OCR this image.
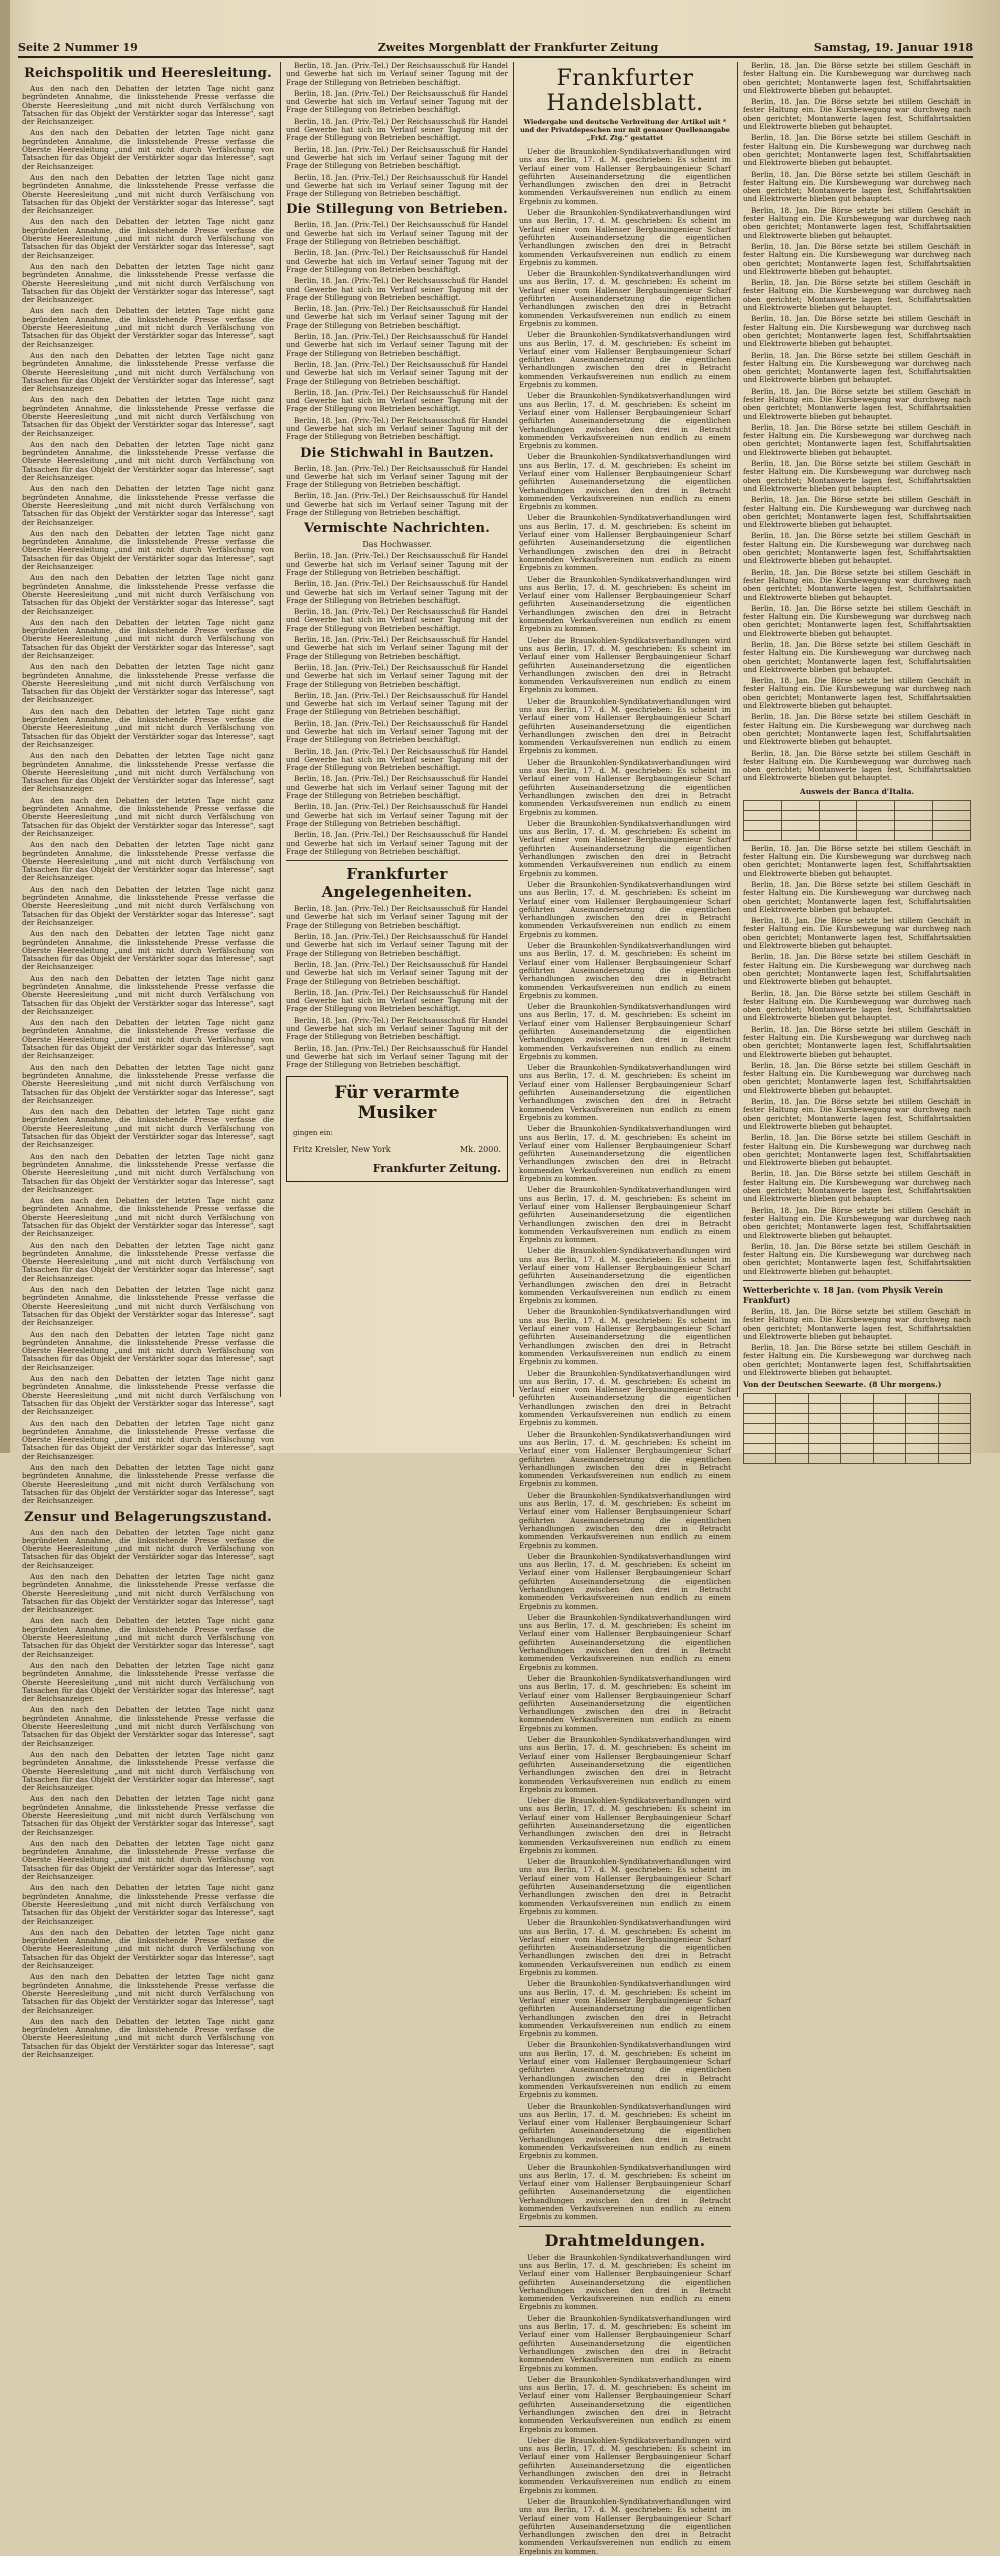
Seite 2 Nummer 19	Zweites Morgenblatt der Frankfurter Zeitung	Samstag, 19. Januar 1918
Reichspolitik und Heeresleitung.

Aus den nach den Debatten der letzten Tage nicht ganz begründeten Annahme, die linksstehende Presse verfasse die Oberste Heeresleitung „und mit nicht durch Verfälschung von Tatsachen für das Objekt der Verstärkter sogar das Interesse“, sagt der Reichsanzeiger.

Aus den nach den Debatten der letzten Tage nicht ganz begründeten Annahme, die linksstehende Presse verfasse die Oberste Heeresleitung „und mit nicht durch Verfälschung von Tatsachen für das Objekt der Verstärkter sogar das Interesse“, sagt der Reichsanzeiger.

Aus den nach den Debatten der letzten Tage nicht ganz begründeten Annahme, die linksstehende Presse verfasse die Oberste Heeresleitung „und mit nicht durch Verfälschung von Tatsachen für das Objekt der Verstärkter sogar das Interesse“, sagt der Reichsanzeiger.

Aus den nach den Debatten der letzten Tage nicht ganz begründeten Annahme, die linksstehende Presse verfasse die Oberste Heeresleitung „und mit nicht durch Verfälschung von Tatsachen für das Objekt der Verstärkter sogar das Interesse“, sagt der Reichsanzeiger.

Aus den nach den Debatten der letzten Tage nicht ganz begründeten Annahme, die linksstehende Presse verfasse die Oberste Heeresleitung „und mit nicht durch Verfälschung von Tatsachen für das Objekt der Verstärkter sogar das Interesse“, sagt der Reichsanzeiger.

Aus den nach den Debatten der letzten Tage nicht ganz begründeten Annahme, die linksstehende Presse verfasse die Oberste Heeresleitung „und mit nicht durch Verfälschung von Tatsachen für das Objekt der Verstärkter sogar das Interesse“, sagt der Reichsanzeiger.

Aus den nach den Debatten der letzten Tage nicht ganz begründeten Annahme, die linksstehende Presse verfasse die Oberste Heeresleitung „und mit nicht durch Verfälschung von Tatsachen für das Objekt der Verstärkter sogar das Interesse“, sagt der Reichsanzeiger.

Aus den nach den Debatten der letzten Tage nicht ganz begründeten Annahme, die linksstehende Presse verfasse die Oberste Heeresleitung „und mit nicht durch Verfälschung von Tatsachen für das Objekt der Verstärkter sogar das Interesse“, sagt der Reichsanzeiger.

Aus den nach den Debatten der letzten Tage nicht ganz begründeten Annahme, die linksstehende Presse verfasse die Oberste Heeresleitung „und mit nicht durch Verfälschung von Tatsachen für das Objekt der Verstärkter sogar das Interesse“, sagt der Reichsanzeiger.

Aus den nach den Debatten der letzten Tage nicht ganz begründeten Annahme, die linksstehende Presse verfasse die Oberste Heeresleitung „und mit nicht durch Verfälschung von Tatsachen für das Objekt der Verstärkter sogar das Interesse“, sagt der Reichsanzeiger.

Aus den nach den Debatten der letzten Tage nicht ganz begründeten Annahme, die linksstehende Presse verfasse die Oberste Heeresleitung „und mit nicht durch Verfälschung von Tatsachen für das Objekt der Verstärkter sogar das Interesse“, sagt der Reichsanzeiger.

Aus den nach den Debatten der letzten Tage nicht ganz begründeten Annahme, die linksstehende Presse verfasse die Oberste Heeresleitung „und mit nicht durch Verfälschung von Tatsachen für das Objekt der Verstärkter sogar das Interesse“, sagt der Reichsanzeiger.

Aus den nach den Debatten der letzten Tage nicht ganz begründeten Annahme, die linksstehende Presse verfasse die Oberste Heeresleitung „und mit nicht durch Verfälschung von Tatsachen für das Objekt der Verstärkter sogar das Interesse“, sagt der Reichsanzeiger.

Aus den nach den Debatten der letzten Tage nicht ganz begründeten Annahme, die linksstehende Presse verfasse die Oberste Heeresleitung „und mit nicht durch Verfälschung von Tatsachen für das Objekt der Verstärkter sogar das Interesse“, sagt der Reichsanzeiger.

Aus den nach den Debatten der letzten Tage nicht ganz begründeten Annahme, die linksstehende Presse verfasse die Oberste Heeresleitung „und mit nicht durch Verfälschung von Tatsachen für das Objekt der Verstärkter sogar das Interesse“, sagt der Reichsanzeiger.

Aus den nach den Debatten der letzten Tage nicht ganz begründeten Annahme, die linksstehende Presse verfasse die Oberste Heeresleitung „und mit nicht durch Verfälschung von Tatsachen für das Objekt der Verstärkter sogar das Interesse“, sagt der Reichsanzeiger.

Aus den nach den Debatten der letzten Tage nicht ganz begründeten Annahme, die linksstehende Presse verfasse die Oberste Heeresleitung „und mit nicht durch Verfälschung von Tatsachen für das Objekt der Verstärkter sogar das Interesse“, sagt der Reichsanzeiger.

Aus den nach den Debatten der letzten Tage nicht ganz begründeten Annahme, die linksstehende Presse verfasse die Oberste Heeresleitung „und mit nicht durch Verfälschung von Tatsachen für das Objekt der Verstärkter sogar das Interesse“, sagt der Reichsanzeiger.

Aus den nach den Debatten der letzten Tage nicht ganz begründeten Annahme, die linksstehende Presse verfasse die Oberste Heeresleitung „und mit nicht durch Verfälschung von Tatsachen für das Objekt der Verstärkter sogar das Interesse“, sagt der Reichsanzeiger.

Aus den nach den Debatten der letzten Tage nicht ganz begründeten Annahme, die linksstehende Presse verfasse die Oberste Heeresleitung „und mit nicht durch Verfälschung von Tatsachen für das Objekt der Verstärkter sogar das Interesse“, sagt der Reichsanzeiger.

Aus den nach den Debatten der letzten Tage nicht ganz begründeten Annahme, die linksstehende Presse verfasse die Oberste Heeresleitung „und mit nicht durch Verfälschung von Tatsachen für das Objekt der Verstärkter sogar das Interesse“, sagt der Reichsanzeiger.

Aus den nach den Debatten der letzten Tage nicht ganz begründeten Annahme, die linksstehende Presse verfasse die Oberste Heeresleitung „und mit nicht durch Verfälschung von Tatsachen für das Objekt der Verstärkter sogar das Interesse“, sagt der Reichsanzeiger.

Aus den nach den Debatten der letzten Tage nicht ganz begründeten Annahme, die linksstehende Presse verfasse die Oberste Heeresleitung „und mit nicht durch Verfälschung von Tatsachen für das Objekt der Verstärkter sogar das Interesse“, sagt der Reichsanzeiger.

Aus den nach den Debatten der letzten Tage nicht ganz begründeten Annahme, die linksstehende Presse verfasse die Oberste Heeresleitung „und mit nicht durch Verfälschung von Tatsachen für das Objekt der Verstärkter sogar das Interesse“, sagt der Reichsanzeiger.

Aus den nach den Debatten der letzten Tage nicht ganz begründeten Annahme, die linksstehende Presse verfasse die Oberste Heeresleitung „und mit nicht durch Verfälschung von Tatsachen für das Objekt der Verstärkter sogar das Interesse“, sagt der Reichsanzeiger.

Aus den nach den Debatten der letzten Tage nicht ganz begründeten Annahme, die linksstehende Presse verfasse die Oberste Heeresleitung „und mit nicht durch Verfälschung von Tatsachen für das Objekt der Verstärkter sogar das Interesse“, sagt der Reichsanzeiger.

Aus den nach den Debatten der letzten Tage nicht ganz begründeten Annahme, die linksstehende Presse verfasse die Oberste Heeresleitung „und mit nicht durch Verfälschung von Tatsachen für das Objekt der Verstärkter sogar das Interesse“, sagt der Reichsanzeiger.

Aus den nach den Debatten der letzten Tage nicht ganz begründeten Annahme, die linksstehende Presse verfasse die Oberste Heeresleitung „und mit nicht durch Verfälschung von Tatsachen für das Objekt der Verstärkter sogar das Interesse“, sagt der Reichsanzeiger.

Aus den nach den Debatten der letzten Tage nicht ganz begründeten Annahme, die linksstehende Presse verfasse die Oberste Heeresleitung „und mit nicht durch Verfälschung von Tatsachen für das Objekt der Verstärkter sogar das Interesse“, sagt der Reichsanzeiger.

Aus den nach den Debatten der letzten Tage nicht ganz begründeten Annahme, die linksstehende Presse verfasse die Oberste Heeresleitung „und mit nicht durch Verfälschung von Tatsachen für das Objekt der Verstärkter sogar das Interesse“, sagt der Reichsanzeiger.

Aus den nach den Debatten der letzten Tage nicht ganz begründeten Annahme, die linksstehende Presse verfasse die Oberste Heeresleitung „und mit nicht durch Verfälschung von Tatsachen für das Objekt der Verstärkter sogar das Interesse“, sagt der Reichsanzeiger.

Aus den nach den Debatten der letzten Tage nicht ganz begründeten Annahme, die linksstehende Presse verfasse die Oberste Heeresleitung „und mit nicht durch Verfälschung von Tatsachen für das Objekt der Verstärkter sogar das Interesse“, sagt der Reichsanzeiger.

Zensur und Belagerungszustand.

Aus den nach den Debatten der letzten Tage nicht ganz begründeten Annahme, die linksstehende Presse verfasse die Oberste Heeresleitung „und mit nicht durch Verfälschung von Tatsachen für das Objekt der Verstärkter sogar das Interesse“, sagt der Reichsanzeiger.

Aus den nach den Debatten der letzten Tage nicht ganz begründeten Annahme, die linksstehende Presse verfasse die Oberste Heeresleitung „und mit nicht durch Verfälschung von Tatsachen für das Objekt der Verstärkter sogar das Interesse“, sagt der Reichsanzeiger.

Aus den nach den Debatten der letzten Tage nicht ganz begründeten Annahme, die linksstehende Presse verfasse die Oberste Heeresleitung „und mit nicht durch Verfälschung von Tatsachen für das Objekt der Verstärkter sogar das Interesse“, sagt der Reichsanzeiger.

Aus den nach den Debatten der letzten Tage nicht ganz begründeten Annahme, die linksstehende Presse verfasse die Oberste Heeresleitung „und mit nicht durch Verfälschung von Tatsachen für das Objekt der Verstärkter sogar das Interesse“, sagt der Reichsanzeiger.

Aus den nach den Debatten der letzten Tage nicht ganz begründeten Annahme, die linksstehende Presse verfasse die Oberste Heeresleitung „und mit nicht durch Verfälschung von Tatsachen für das Objekt der Verstärkter sogar das Interesse“, sagt der Reichsanzeiger.

Aus den nach den Debatten der letzten Tage nicht ganz begründeten Annahme, die linksstehende Presse verfasse die Oberste Heeresleitung „und mit nicht durch Verfälschung von Tatsachen für das Objekt der Verstärkter sogar das Interesse“, sagt der Reichsanzeiger.

Aus den nach den Debatten der letzten Tage nicht ganz begründeten Annahme, die linksstehende Presse verfasse die Oberste Heeresleitung „und mit nicht durch Verfälschung von Tatsachen für das Objekt der Verstärkter sogar das Interesse“, sagt der Reichsanzeiger.

Aus den nach den Debatten der letzten Tage nicht ganz begründeten Annahme, die linksstehende Presse verfasse die Oberste Heeresleitung „und mit nicht durch Verfälschung von Tatsachen für das Objekt der Verstärkter sogar das Interesse“, sagt der Reichsanzeiger.

Aus den nach den Debatten der letzten Tage nicht ganz begründeten Annahme, die linksstehende Presse verfasse die Oberste Heeresleitung „und mit nicht durch Verfälschung von Tatsachen für das Objekt der Verstärkter sogar das Interesse“, sagt der Reichsanzeiger.

Aus den nach den Debatten der letzten Tage nicht ganz begründeten Annahme, die linksstehende Presse verfasse die Oberste Heeresleitung „und mit nicht durch Verfälschung von Tatsachen für das Objekt der Verstärkter sogar das Interesse“, sagt der Reichsanzeiger.

Aus den nach den Debatten der letzten Tage nicht ganz begründeten Annahme, die linksstehende Presse verfasse die Oberste Heeresleitung „und mit nicht durch Verfälschung von Tatsachen für das Objekt der Verstärkter sogar das Interesse“, sagt der Reichsanzeiger.

Aus den nach den Debatten der letzten Tage nicht ganz begründeten Annahme, die linksstehende Presse verfasse die Oberste Heeresleitung „und mit nicht durch Verfälschung von Tatsachen für das Objekt der Verstärkter sogar das Interesse“, sagt der Reichsanzeiger.

Berlin, 18. Jan. (Priv.-Tel.) Der Reichsausschuß für Handel und Gewerbe hat sich im Verlauf seiner Tagung mit der Frage der Stillegung von Betrieben beschäftigt.

Berlin, 18. Jan. (Priv.-Tel.) Der Reichsausschuß für Handel und Gewerbe hat sich im Verlauf seiner Tagung mit der Frage der Stillegung von Betrieben beschäftigt.

Berlin, 18. Jan. (Priv.-Tel.) Der Reichsausschuß für Handel und Gewerbe hat sich im Verlauf seiner Tagung mit der Frage der Stillegung von Betrieben beschäftigt.

Berlin, 18. Jan. (Priv.-Tel.) Der Reichsausschuß für Handel und Gewerbe hat sich im Verlauf seiner Tagung mit der Frage der Stillegung von Betrieben beschäftigt.

Berlin, 18. Jan. (Priv.-Tel.) Der Reichsausschuß für Handel und Gewerbe hat sich im Verlauf seiner Tagung mit der Frage der Stillegung von Betrieben beschäftigt.

Die Stillegung von Betrieben.

Berlin, 18. Jan. (Priv.-Tel.) Der Reichsausschuß für Handel und Gewerbe hat sich im Verlauf seiner Tagung mit der Frage der Stillegung von Betrieben beschäftigt.

Berlin, 18. Jan. (Priv.-Tel.) Der Reichsausschuß für Handel und Gewerbe hat sich im Verlauf seiner Tagung mit der Frage der Stillegung von Betrieben beschäftigt.

Berlin, 18. Jan. (Priv.-Tel.) Der Reichsausschuß für Handel und Gewerbe hat sich im Verlauf seiner Tagung mit der Frage der Stillegung von Betrieben beschäftigt.

Berlin, 18. Jan. (Priv.-Tel.) Der Reichsausschuß für Handel und Gewerbe hat sich im Verlauf seiner Tagung mit der Frage der Stillegung von Betrieben beschäftigt.

Berlin, 18. Jan. (Priv.-Tel.) Der Reichsausschuß für Handel und Gewerbe hat sich im Verlauf seiner Tagung mit der Frage der Stillegung von Betrieben beschäftigt.

Berlin, 18. Jan. (Priv.-Tel.) Der Reichsausschuß für Handel und Gewerbe hat sich im Verlauf seiner Tagung mit der Frage der Stillegung von Betrieben beschäftigt.

Berlin, 18. Jan. (Priv.-Tel.) Der Reichsausschuß für Handel und Gewerbe hat sich im Verlauf seiner Tagung mit der Frage der Stillegung von Betrieben beschäftigt.

Berlin, 18. Jan. (Priv.-Tel.) Der Reichsausschuß für Handel und Gewerbe hat sich im Verlauf seiner Tagung mit der Frage der Stillegung von Betrieben beschäftigt.

Die Stichwahl in Bautzen.

Berlin, 18. Jan. (Priv.-Tel.) Der Reichsausschuß für Handel und Gewerbe hat sich im Verlauf seiner Tagung mit der Frage der Stillegung von Betrieben beschäftigt.

Berlin, 18. Jan. (Priv.-Tel.) Der Reichsausschuß für Handel und Gewerbe hat sich im Verlauf seiner Tagung mit der Frage der Stillegung von Betrieben beschäftigt.

Vermischte Nachrichten.
Das Hochwasser.

Berlin, 18. Jan. (Priv.-Tel.) Der Reichsausschuß für Handel und Gewerbe hat sich im Verlauf seiner Tagung mit der Frage der Stillegung von Betrieben beschäftigt.

Berlin, 18. Jan. (Priv.-Tel.) Der Reichsausschuß für Handel und Gewerbe hat sich im Verlauf seiner Tagung mit der Frage der Stillegung von Betrieben beschäftigt.

Berlin, 18. Jan. (Priv.-Tel.) Der Reichsausschuß für Handel und Gewerbe hat sich im Verlauf seiner Tagung mit der Frage der Stillegung von Betrieben beschäftigt.

Berlin, 18. Jan. (Priv.-Tel.) Der Reichsausschuß für Handel und Gewerbe hat sich im Verlauf seiner Tagung mit der Frage der Stillegung von Betrieben beschäftigt.

Berlin, 18. Jan. (Priv.-Tel.) Der Reichsausschuß für Handel und Gewerbe hat sich im Verlauf seiner Tagung mit der Frage der Stillegung von Betrieben beschäftigt.

Berlin, 18. Jan. (Priv.-Tel.) Der Reichsausschuß für Handel und Gewerbe hat sich im Verlauf seiner Tagung mit der Frage der Stillegung von Betrieben beschäftigt.

Berlin, 18. Jan. (Priv.-Tel.) Der Reichsausschuß für Handel und Gewerbe hat sich im Verlauf seiner Tagung mit der Frage der Stillegung von Betrieben beschäftigt.

Berlin, 18. Jan. (Priv.-Tel.) Der Reichsausschuß für Handel und Gewerbe hat sich im Verlauf seiner Tagung mit der Frage der Stillegung von Betrieben beschäftigt.

Berlin, 18. Jan. (Priv.-Tel.) Der Reichsausschuß für Handel und Gewerbe hat sich im Verlauf seiner Tagung mit der Frage der Stillegung von Betrieben beschäftigt.

Berlin, 18. Jan. (Priv.-Tel.) Der Reichsausschuß für Handel und Gewerbe hat sich im Verlauf seiner Tagung mit der Frage der Stillegung von Betrieben beschäftigt.

Berlin, 18. Jan. (Priv.-Tel.) Der Reichsausschuß für Handel und Gewerbe hat sich im Verlauf seiner Tagung mit der Frage der Stillegung von Betrieben beschäftigt.

Frankfurter Angelegenheiten.

Berlin, 18. Jan. (Priv.-Tel.) Der Reichsausschuß für Handel und Gewerbe hat sich im Verlauf seiner Tagung mit der Frage der Stillegung von Betrieben beschäftigt.

Berlin, 18. Jan. (Priv.-Tel.) Der Reichsausschuß für Handel und Gewerbe hat sich im Verlauf seiner Tagung mit der Frage der Stillegung von Betrieben beschäftigt.

Berlin, 18. Jan. (Priv.-Tel.) Der Reichsausschuß für Handel und Gewerbe hat sich im Verlauf seiner Tagung mit der Frage der Stillegung von Betrieben beschäftigt.

Berlin, 18. Jan. (Priv.-Tel.) Der Reichsausschuß für Handel und Gewerbe hat sich im Verlauf seiner Tagung mit der Frage der Stillegung von Betrieben beschäftigt.

Berlin, 18. Jan. (Priv.-Tel.) Der Reichsausschuß für Handel und Gewerbe hat sich im Verlauf seiner Tagung mit der Frage der Stillegung von Betrieben beschäftigt.

Berlin, 18. Jan. (Priv.-Tel.) Der Reichsausschuß für Handel und Gewerbe hat sich im Verlauf seiner Tagung mit der Frage der Stillegung von Betrieben beschäftigt.

Für verarmte Musiker
gingen ein:
Fritz Kreisler, New York	Mk. 2000.
Frankfurter Zeitung.
Frankfurter Handelsblatt.
Wiedergabe und deutsche Verbreitung der Artikel mit * und der Privatdepeschen nur mit genauer Quellenangabe „Frkf. Ztg.“ gestattet

Ueber die Braunkohlen-Syndikatsverhandlungen wird uns aus Berlin, 17. d. M. geschrieben: Es scheint im Verlauf einer vom Hallenser Bergbauingenieur Scharf geführten Auseinandersetzung die eigentlichen Verhandlungen zwischen den drei in Betracht kommenden Verkaufsvereinen nun endlich zu einem Ergebnis zu kommen.

Ueber die Braunkohlen-Syndikatsverhandlungen wird uns aus Berlin, 17. d. M. geschrieben: Es scheint im Verlauf einer vom Hallenser Bergbauingenieur Scharf geführten Auseinandersetzung die eigentlichen Verhandlungen zwischen den drei in Betracht kommenden Verkaufsvereinen nun endlich zu einem Ergebnis zu kommen.

Ueber die Braunkohlen-Syndikatsverhandlungen wird uns aus Berlin, 17. d. M. geschrieben: Es scheint im Verlauf einer vom Hallenser Bergbauingenieur Scharf geführten Auseinandersetzung die eigentlichen Verhandlungen zwischen den drei in Betracht kommenden Verkaufsvereinen nun endlich zu einem Ergebnis zu kommen.

Ueber die Braunkohlen-Syndikatsverhandlungen wird uns aus Berlin, 17. d. M. geschrieben: Es scheint im Verlauf einer vom Hallenser Bergbauingenieur Scharf geführten Auseinandersetzung die eigentlichen Verhandlungen zwischen den drei in Betracht kommenden Verkaufsvereinen nun endlich zu einem Ergebnis zu kommen.

Ueber die Braunkohlen-Syndikatsverhandlungen wird uns aus Berlin, 17. d. M. geschrieben: Es scheint im Verlauf einer vom Hallenser Bergbauingenieur Scharf geführten Auseinandersetzung die eigentlichen Verhandlungen zwischen den drei in Betracht kommenden Verkaufsvereinen nun endlich zu einem Ergebnis zu kommen.

Ueber die Braunkohlen-Syndikatsverhandlungen wird uns aus Berlin, 17. d. M. geschrieben: Es scheint im Verlauf einer vom Hallenser Bergbauingenieur Scharf geführten Auseinandersetzung die eigentlichen Verhandlungen zwischen den drei in Betracht kommenden Verkaufsvereinen nun endlich zu einem Ergebnis zu kommen.

Ueber die Braunkohlen-Syndikatsverhandlungen wird uns aus Berlin, 17. d. M. geschrieben: Es scheint im Verlauf einer vom Hallenser Bergbauingenieur Scharf geführten Auseinandersetzung die eigentlichen Verhandlungen zwischen den drei in Betracht kommenden Verkaufsvereinen nun endlich zu einem Ergebnis zu kommen.

Ueber die Braunkohlen-Syndikatsverhandlungen wird uns aus Berlin, 17. d. M. geschrieben: Es scheint im Verlauf einer vom Hallenser Bergbauingenieur Scharf geführten Auseinandersetzung die eigentlichen Verhandlungen zwischen den drei in Betracht kommenden Verkaufsvereinen nun endlich zu einem Ergebnis zu kommen.

Ueber die Braunkohlen-Syndikatsverhandlungen wird uns aus Berlin, 17. d. M. geschrieben: Es scheint im Verlauf einer vom Hallenser Bergbauingenieur Scharf geführten Auseinandersetzung die eigentlichen Verhandlungen zwischen den drei in Betracht kommenden Verkaufsvereinen nun endlich zu einem Ergebnis zu kommen.

Ueber die Braunkohlen-Syndikatsverhandlungen wird uns aus Berlin, 17. d. M. geschrieben: Es scheint im Verlauf einer vom Hallenser Bergbauingenieur Scharf geführten Auseinandersetzung die eigentlichen Verhandlungen zwischen den drei in Betracht kommenden Verkaufsvereinen nun endlich zu einem Ergebnis zu kommen.

Ueber die Braunkohlen-Syndikatsverhandlungen wird uns aus Berlin, 17. d. M. geschrieben: Es scheint im Verlauf einer vom Hallenser Bergbauingenieur Scharf geführten Auseinandersetzung die eigentlichen Verhandlungen zwischen den drei in Betracht kommenden Verkaufsvereinen nun endlich zu einem Ergebnis zu kommen.

Ueber die Braunkohlen-Syndikatsverhandlungen wird uns aus Berlin, 17. d. M. geschrieben: Es scheint im Verlauf einer vom Hallenser Bergbauingenieur Scharf geführten Auseinandersetzung die eigentlichen Verhandlungen zwischen den drei in Betracht kommenden Verkaufsvereinen nun endlich zu einem Ergebnis zu kommen.

Ueber die Braunkohlen-Syndikatsverhandlungen wird uns aus Berlin, 17. d. M. geschrieben: Es scheint im Verlauf einer vom Hallenser Bergbauingenieur Scharf geführten Auseinandersetzung die eigentlichen Verhandlungen zwischen den drei in Betracht kommenden Verkaufsvereinen nun endlich zu einem Ergebnis zu kommen.

Ueber die Braunkohlen-Syndikatsverhandlungen wird uns aus Berlin, 17. d. M. geschrieben: Es scheint im Verlauf einer vom Hallenser Bergbauingenieur Scharf geführten Auseinandersetzung die eigentlichen Verhandlungen zwischen den drei in Betracht kommenden Verkaufsvereinen nun endlich zu einem Ergebnis zu kommen.

Ueber die Braunkohlen-Syndikatsverhandlungen wird uns aus Berlin, 17. d. M. geschrieben: Es scheint im Verlauf einer vom Hallenser Bergbauingenieur Scharf geführten Auseinandersetzung die eigentlichen Verhandlungen zwischen den drei in Betracht kommenden Verkaufsvereinen nun endlich zu einem Ergebnis zu kommen.

Ueber die Braunkohlen-Syndikatsverhandlungen wird uns aus Berlin, 17. d. M. geschrieben: Es scheint im Verlauf einer vom Hallenser Bergbauingenieur Scharf geführten Auseinandersetzung die eigentlichen Verhandlungen zwischen den drei in Betracht kommenden Verkaufsvereinen nun endlich zu einem Ergebnis zu kommen.

Ueber die Braunkohlen-Syndikatsverhandlungen wird uns aus Berlin, 17. d. M. geschrieben: Es scheint im Verlauf einer vom Hallenser Bergbauingenieur Scharf geführten Auseinandersetzung die eigentlichen Verhandlungen zwischen den drei in Betracht kommenden Verkaufsvereinen nun endlich zu einem Ergebnis zu kommen.

Ueber die Braunkohlen-Syndikatsverhandlungen wird uns aus Berlin, 17. d. M. geschrieben: Es scheint im Verlauf einer vom Hallenser Bergbauingenieur Scharf geführten Auseinandersetzung die eigentlichen Verhandlungen zwischen den drei in Betracht kommenden Verkaufsvereinen nun endlich zu einem Ergebnis zu kommen.

Ueber die Braunkohlen-Syndikatsverhandlungen wird uns aus Berlin, 17. d. M. geschrieben: Es scheint im Verlauf einer vom Hallenser Bergbauingenieur Scharf geführten Auseinandersetzung die eigentlichen Verhandlungen zwischen den drei in Betracht kommenden Verkaufsvereinen nun endlich zu einem Ergebnis zu kommen.

Ueber die Braunkohlen-Syndikatsverhandlungen wird uns aus Berlin, 17. d. M. geschrieben: Es scheint im Verlauf einer vom Hallenser Bergbauingenieur Scharf geführten Auseinandersetzung die eigentlichen Verhandlungen zwischen den drei in Betracht kommenden Verkaufsvereinen nun endlich zu einem Ergebnis zu kommen.

Ueber die Braunkohlen-Syndikatsverhandlungen wird uns aus Berlin, 17. d. M. geschrieben: Es scheint im Verlauf einer vom Hallenser Bergbauingenieur Scharf geführten Auseinandersetzung die eigentlichen Verhandlungen zwischen den drei in Betracht kommenden Verkaufsvereinen nun endlich zu einem Ergebnis zu kommen.

Ueber die Braunkohlen-Syndikatsverhandlungen wird uns aus Berlin, 17. d. M. geschrieben: Es scheint im Verlauf einer vom Hallenser Bergbauingenieur Scharf geführten Auseinandersetzung die eigentlichen Verhandlungen zwischen den drei in Betracht kommenden Verkaufsvereinen nun endlich zu einem Ergebnis zu kommen.

Ueber die Braunkohlen-Syndikatsverhandlungen wird uns aus Berlin, 17. d. M. geschrieben: Es scheint im Verlauf einer vom Hallenser Bergbauingenieur Scharf geführten Auseinandersetzung die eigentlichen Verhandlungen zwischen den drei in Betracht kommenden Verkaufsvereinen nun endlich zu einem Ergebnis zu kommen.

Ueber die Braunkohlen-Syndikatsverhandlungen wird uns aus Berlin, 17. d. M. geschrieben: Es scheint im Verlauf einer vom Hallenser Bergbauingenieur Scharf geführten Auseinandersetzung die eigentlichen Verhandlungen zwischen den drei in Betracht kommenden Verkaufsvereinen nun endlich zu einem Ergebnis zu kommen.

Ueber die Braunkohlen-Syndikatsverhandlungen wird uns aus Berlin, 17. d. M. geschrieben: Es scheint im Verlauf einer vom Hallenser Bergbauingenieur Scharf geführten Auseinandersetzung die eigentlichen Verhandlungen zwischen den drei in Betracht kommenden Verkaufsvereinen nun endlich zu einem Ergebnis zu kommen.

Ueber die Braunkohlen-Syndikatsverhandlungen wird uns aus Berlin, 17. d. M. geschrieben: Es scheint im Verlauf einer vom Hallenser Bergbauingenieur Scharf geführten Auseinandersetzung die eigentlichen Verhandlungen zwischen den drei in Betracht kommenden Verkaufsvereinen nun endlich zu einem Ergebnis zu kommen.

Ueber die Braunkohlen-Syndikatsverhandlungen wird uns aus Berlin, 17. d. M. geschrieben: Es scheint im Verlauf einer vom Hallenser Bergbauingenieur Scharf geführten Auseinandersetzung die eigentlichen Verhandlungen zwischen den drei in Betracht kommenden Verkaufsvereinen nun endlich zu einem Ergebnis zu kommen.

Ueber die Braunkohlen-Syndikatsverhandlungen wird uns aus Berlin, 17. d. M. geschrieben: Es scheint im Verlauf einer vom Hallenser Bergbauingenieur Scharf geführten Auseinandersetzung die eigentlichen Verhandlungen zwischen den drei in Betracht kommenden Verkaufsvereinen nun endlich zu einem Ergebnis zu kommen.

Ueber die Braunkohlen-Syndikatsverhandlungen wird uns aus Berlin, 17. d. M. geschrieben: Es scheint im Verlauf einer vom Hallenser Bergbauingenieur Scharf geführten Auseinandersetzung die eigentlichen Verhandlungen zwischen den drei in Betracht kommenden Verkaufsvereinen nun endlich zu einem Ergebnis zu kommen.

Ueber die Braunkohlen-Syndikatsverhandlungen wird uns aus Berlin, 17. d. M. geschrieben: Es scheint im Verlauf einer vom Hallenser Bergbauingenieur Scharf geführten Auseinandersetzung die eigentlichen Verhandlungen zwischen den drei in Betracht kommenden Verkaufsvereinen nun endlich zu einem Ergebnis zu kommen.

Ueber die Braunkohlen-Syndikatsverhandlungen wird uns aus Berlin, 17. d. M. geschrieben: Es scheint im Verlauf einer vom Hallenser Bergbauingenieur Scharf geführten Auseinandersetzung die eigentlichen Verhandlungen zwischen den drei in Betracht kommenden Verkaufsvereinen nun endlich zu einem Ergebnis zu kommen.

Ueber die Braunkohlen-Syndikatsverhandlungen wird uns aus Berlin, 17. d. M. geschrieben: Es scheint im Verlauf einer vom Hallenser Bergbauingenieur Scharf geführten Auseinandersetzung die eigentlichen Verhandlungen zwischen den drei in Betracht kommenden Verkaufsvereinen nun endlich zu einem Ergebnis zu kommen.

Ueber die Braunkohlen-Syndikatsverhandlungen wird uns aus Berlin, 17. d. M. geschrieben: Es scheint im Verlauf einer vom Hallenser Bergbauingenieur Scharf geführten Auseinandersetzung die eigentlichen Verhandlungen zwischen den drei in Betracht kommenden Verkaufsvereinen nun endlich zu einem Ergebnis zu kommen.

Ueber die Braunkohlen-Syndikatsverhandlungen wird uns aus Berlin, 17. d. M. geschrieben: Es scheint im Verlauf einer vom Hallenser Bergbauingenieur Scharf geführten Auseinandersetzung die eigentlichen Verhandlungen zwischen den drei in Betracht kommenden Verkaufsvereinen nun endlich zu einem Ergebnis zu kommen.

Drahtmeldungen.

Ueber die Braunkohlen-Syndikatsverhandlungen wird uns aus Berlin, 17. d. M. geschrieben: Es scheint im Verlauf einer vom Hallenser Bergbauingenieur Scharf geführten Auseinandersetzung die eigentlichen Verhandlungen zwischen den drei in Betracht kommenden Verkaufsvereinen nun endlich zu einem Ergebnis zu kommen.

Ueber die Braunkohlen-Syndikatsverhandlungen wird uns aus Berlin, 17. d. M. geschrieben: Es scheint im Verlauf einer vom Hallenser Bergbauingenieur Scharf geführten Auseinandersetzung die eigentlichen Verhandlungen zwischen den drei in Betracht kommenden Verkaufsvereinen nun endlich zu einem Ergebnis zu kommen.

Ueber die Braunkohlen-Syndikatsverhandlungen wird uns aus Berlin, 17. d. M. geschrieben: Es scheint im Verlauf einer vom Hallenser Bergbauingenieur Scharf geführten Auseinandersetzung die eigentlichen Verhandlungen zwischen den drei in Betracht kommenden Verkaufsvereinen nun endlich zu einem Ergebnis zu kommen.

Ueber die Braunkohlen-Syndikatsverhandlungen wird uns aus Berlin, 17. d. M. geschrieben: Es scheint im Verlauf einer vom Hallenser Bergbauingenieur Scharf geführten Auseinandersetzung die eigentlichen Verhandlungen zwischen den drei in Betracht kommenden Verkaufsvereinen nun endlich zu einem Ergebnis zu kommen.

Ueber die Braunkohlen-Syndikatsverhandlungen wird uns aus Berlin, 17. d. M. geschrieben: Es scheint im Verlauf einer vom Hallenser Bergbauingenieur Scharf geführten Auseinandersetzung die eigentlichen Verhandlungen zwischen den drei in Betracht kommenden Verkaufsvereinen nun endlich zu einem Ergebnis zu kommen.

Berlin, 18. Jan. Die Börse setzte bei stillem Geschäft in fester Haltung ein. Die Kursbewegung war durchweg nach oben gerichtet; Montanwerte lagen fest, Schiffahrtsaktien und Elektrowerte blieben gut behauptet.

Berlin, 18. Jan. Die Börse setzte bei stillem Geschäft in fester Haltung ein. Die Kursbewegung war durchweg nach oben gerichtet; Montanwerte lagen fest, Schiffahrtsaktien und Elektrowerte blieben gut behauptet.

Berlin, 18. Jan. Die Börse setzte bei stillem Geschäft in fester Haltung ein. Die Kursbewegung war durchweg nach oben gerichtet; Montanwerte lagen fest, Schiffahrtsaktien und Elektrowerte blieben gut behauptet.

Berlin, 18. Jan. Die Börse setzte bei stillem Geschäft in fester Haltung ein. Die Kursbewegung war durchweg nach oben gerichtet; Montanwerte lagen fest, Schiffahrtsaktien und Elektrowerte blieben gut behauptet.

Berlin, 18. Jan. Die Börse setzte bei stillem Geschäft in fester Haltung ein. Die Kursbewegung war durchweg nach oben gerichtet; Montanwerte lagen fest, Schiffahrtsaktien und Elektrowerte blieben gut behauptet.

Berlin, 18. Jan. Die Börse setzte bei stillem Geschäft in fester Haltung ein. Die Kursbewegung war durchweg nach oben gerichtet; Montanwerte lagen fest, Schiffahrtsaktien und Elektrowerte blieben gut behauptet.

Berlin, 18. Jan. Die Börse setzte bei stillem Geschäft in fester Haltung ein. Die Kursbewegung war durchweg nach oben gerichtet; Montanwerte lagen fest, Schiffahrtsaktien und Elektrowerte blieben gut behauptet.

Berlin, 18. Jan. Die Börse setzte bei stillem Geschäft in fester Haltung ein. Die Kursbewegung war durchweg nach oben gerichtet; Montanwerte lagen fest, Schiffahrtsaktien und Elektrowerte blieben gut behauptet.

Berlin, 18. Jan. Die Börse setzte bei stillem Geschäft in fester Haltung ein. Die Kursbewegung war durchweg nach oben gerichtet; Montanwerte lagen fest, Schiffahrtsaktien und Elektrowerte blieben gut behauptet.

Berlin, 18. Jan. Die Börse setzte bei stillem Geschäft in fester Haltung ein. Die Kursbewegung war durchweg nach oben gerichtet; Montanwerte lagen fest, Schiffahrtsaktien und Elektrowerte blieben gut behauptet.

Berlin, 18. Jan. Die Börse setzte bei stillem Geschäft in fester Haltung ein. Die Kursbewegung war durchweg nach oben gerichtet; Montanwerte lagen fest, Schiffahrtsaktien und Elektrowerte blieben gut behauptet.

Berlin, 18. Jan. Die Börse setzte bei stillem Geschäft in fester Haltung ein. Die Kursbewegung war durchweg nach oben gerichtet; Montanwerte lagen fest, Schiffahrtsaktien und Elektrowerte blieben gut behauptet.

Berlin, 18. Jan. Die Börse setzte bei stillem Geschäft in fester Haltung ein. Die Kursbewegung war durchweg nach oben gerichtet; Montanwerte lagen fest, Schiffahrtsaktien und Elektrowerte blieben gut behauptet.

Berlin, 18. Jan. Die Börse setzte bei stillem Geschäft in fester Haltung ein. Die Kursbewegung war durchweg nach oben gerichtet; Montanwerte lagen fest, Schiffahrtsaktien und Elektrowerte blieben gut behauptet.

Berlin, 18. Jan. Die Börse setzte bei stillem Geschäft in fester Haltung ein. Die Kursbewegung war durchweg nach oben gerichtet; Montanwerte lagen fest, Schiffahrtsaktien und Elektrowerte blieben gut behauptet.

Berlin, 18. Jan. Die Börse setzte bei stillem Geschäft in fester Haltung ein. Die Kursbewegung war durchweg nach oben gerichtet; Montanwerte lagen fest, Schiffahrtsaktien und Elektrowerte blieben gut behauptet.

Berlin, 18. Jan. Die Börse setzte bei stillem Geschäft in fester Haltung ein. Die Kursbewegung war durchweg nach oben gerichtet; Montanwerte lagen fest, Schiffahrtsaktien und Elektrowerte blieben gut behauptet.

Berlin, 18. Jan. Die Börse setzte bei stillem Geschäft in fester Haltung ein. Die Kursbewegung war durchweg nach oben gerichtet; Montanwerte lagen fest, Schiffahrtsaktien und Elektrowerte blieben gut behauptet.

Berlin, 18. Jan. Die Börse setzte bei stillem Geschäft in fester Haltung ein. Die Kursbewegung war durchweg nach oben gerichtet; Montanwerte lagen fest, Schiffahrtsaktien und Elektrowerte blieben gut behauptet.

Berlin, 18. Jan. Die Börse setzte bei stillem Geschäft in fester Haltung ein. Die Kursbewegung war durchweg nach oben gerichtet; Montanwerte lagen fest, Schiffahrtsaktien und Elektrowerte blieben gut behauptet.

Ausweis der Banca d'Italia.

Berlin, 18. Jan. Die Börse setzte bei stillem Geschäft in fester Haltung ein. Die Kursbewegung war durchweg nach oben gerichtet; Montanwerte lagen fest, Schiffahrtsaktien und Elektrowerte blieben gut behauptet.

Berlin, 18. Jan. Die Börse setzte bei stillem Geschäft in fester Haltung ein. Die Kursbewegung war durchweg nach oben gerichtet; Montanwerte lagen fest, Schiffahrtsaktien und Elektrowerte blieben gut behauptet.

Berlin, 18. Jan. Die Börse setzte bei stillem Geschäft in fester Haltung ein. Die Kursbewegung war durchweg nach oben gerichtet; Montanwerte lagen fest, Schiffahrtsaktien und Elektrowerte blieben gut behauptet.

Berlin, 18. Jan. Die Börse setzte bei stillem Geschäft in fester Haltung ein. Die Kursbewegung war durchweg nach oben gerichtet; Montanwerte lagen fest, Schiffahrtsaktien und Elektrowerte blieben gut behauptet.

Berlin, 18. Jan. Die Börse setzte bei stillem Geschäft in fester Haltung ein. Die Kursbewegung war durchweg nach oben gerichtet; Montanwerte lagen fest, Schiffahrtsaktien und Elektrowerte blieben gut behauptet.

Berlin, 18. Jan. Die Börse setzte bei stillem Geschäft in fester Haltung ein. Die Kursbewegung war durchweg nach oben gerichtet; Montanwerte lagen fest, Schiffahrtsaktien und Elektrowerte blieben gut behauptet.

Berlin, 18. Jan. Die Börse setzte bei stillem Geschäft in fester Haltung ein. Die Kursbewegung war durchweg nach oben gerichtet; Montanwerte lagen fest, Schiffahrtsaktien und Elektrowerte blieben gut behauptet.

Berlin, 18. Jan. Die Börse setzte bei stillem Geschäft in fester Haltung ein. Die Kursbewegung war durchweg nach oben gerichtet; Montanwerte lagen fest, Schiffahrtsaktien und Elektrowerte blieben gut behauptet.

Berlin, 18. Jan. Die Börse setzte bei stillem Geschäft in fester Haltung ein. Die Kursbewegung war durchweg nach oben gerichtet; Montanwerte lagen fest, Schiffahrtsaktien und Elektrowerte blieben gut behauptet.

Berlin, 18. Jan. Die Börse setzte bei stillem Geschäft in fester Haltung ein. Die Kursbewegung war durchweg nach oben gerichtet; Montanwerte lagen fest, Schiffahrtsaktien und Elektrowerte blieben gut behauptet.

Berlin, 18. Jan. Die Börse setzte bei stillem Geschäft in fester Haltung ein. Die Kursbewegung war durchweg nach oben gerichtet; Montanwerte lagen fest, Schiffahrtsaktien und Elektrowerte blieben gut behauptet.

Berlin, 18. Jan. Die Börse setzte bei stillem Geschäft in fester Haltung ein. Die Kursbewegung war durchweg nach oben gerichtet; Montanwerte lagen fest, Schiffahrtsaktien und Elektrowerte blieben gut behauptet.

Wetterberichte v. 18 Jan. (vom Physik Verein Frankfurt)

Berlin, 18. Jan. Die Börse setzte bei stillem Geschäft in fester Haltung ein. Die Kursbewegung war durchweg nach oben gerichtet; Montanwerte lagen fest, Schiffahrtsaktien und Elektrowerte blieben gut behauptet.

Berlin, 18. Jan. Die Börse setzte bei stillem Geschäft in fester Haltung ein. Die Kursbewegung war durchweg nach oben gerichtet; Montanwerte lagen fest, Schiffahrtsaktien und Elektrowerte blieben gut behauptet.

Von der Deutschen Seewarte. (8 Uhr morgens.)
